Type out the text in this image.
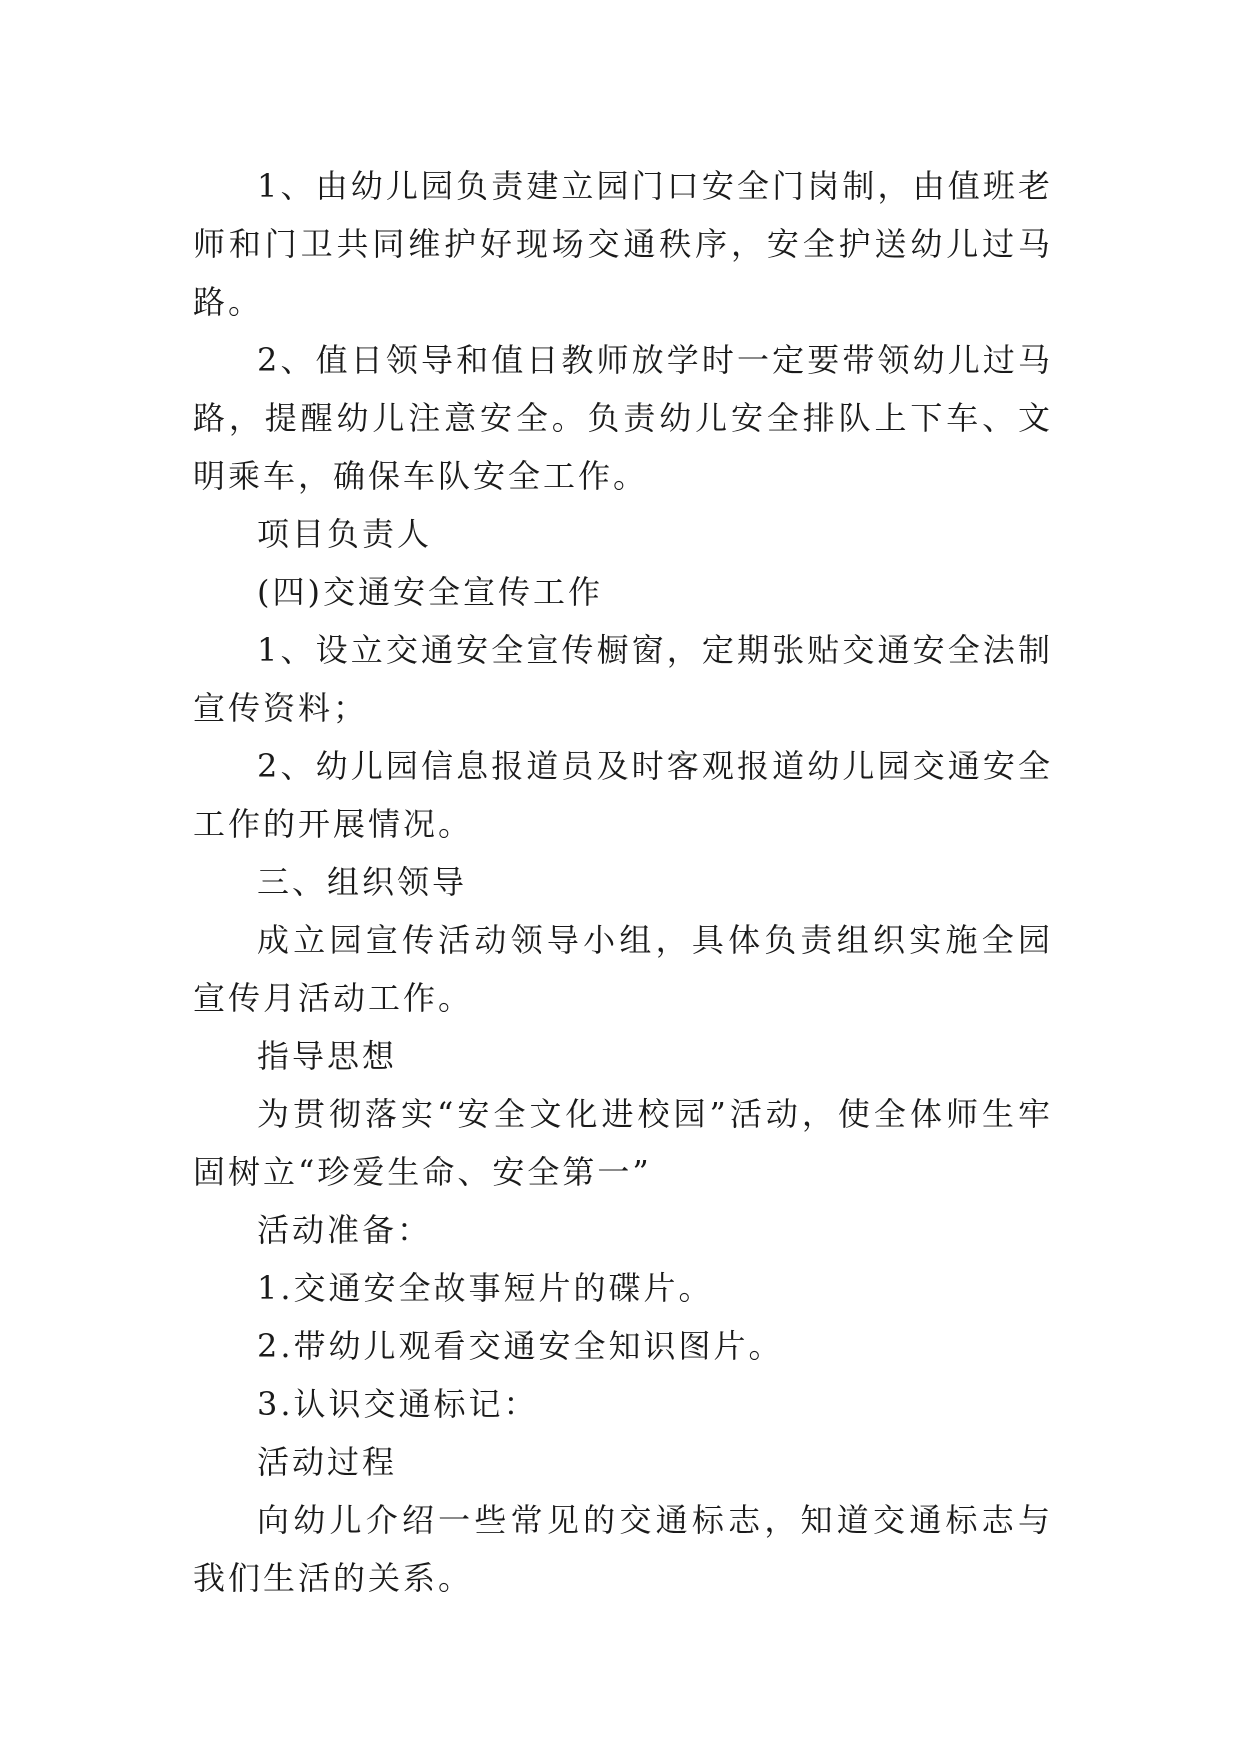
1、由幼儿园负责建立园门口安全门岗制，由值班老师和门卫共同维护好现场交通秩序，安全护送幼儿过马路。

2、值日领导和值日教师放学时一定要带领幼儿过马路，提醒幼儿注意安全。负责幼儿安全排队上下车、文明乘车，确保车队安全工作。

项目负责人

(四)交通安全宣传工作

1、设立交通安全宣传橱窗，定期张贴交通安全法制宣传资料；

2、幼儿园信息报道员及时客观报道幼儿园交通安全工作的开展情况。

三、组织领导

成立园宣传活动领导小组，具体负责组织实施全园宣传月活动工作。

指导思想

为贯彻落实“安全文化进校园”活动，使全体师生牢固树立“珍爱生命、安全第一”

活动准备：

1.交通安全故事短片的碟片。

2.带幼儿观看交通安全知识图片。

3.认识交通标记：

活动过程

向幼儿介绍一些常见的交通标志，知道交通标志与我们生活的关系。
